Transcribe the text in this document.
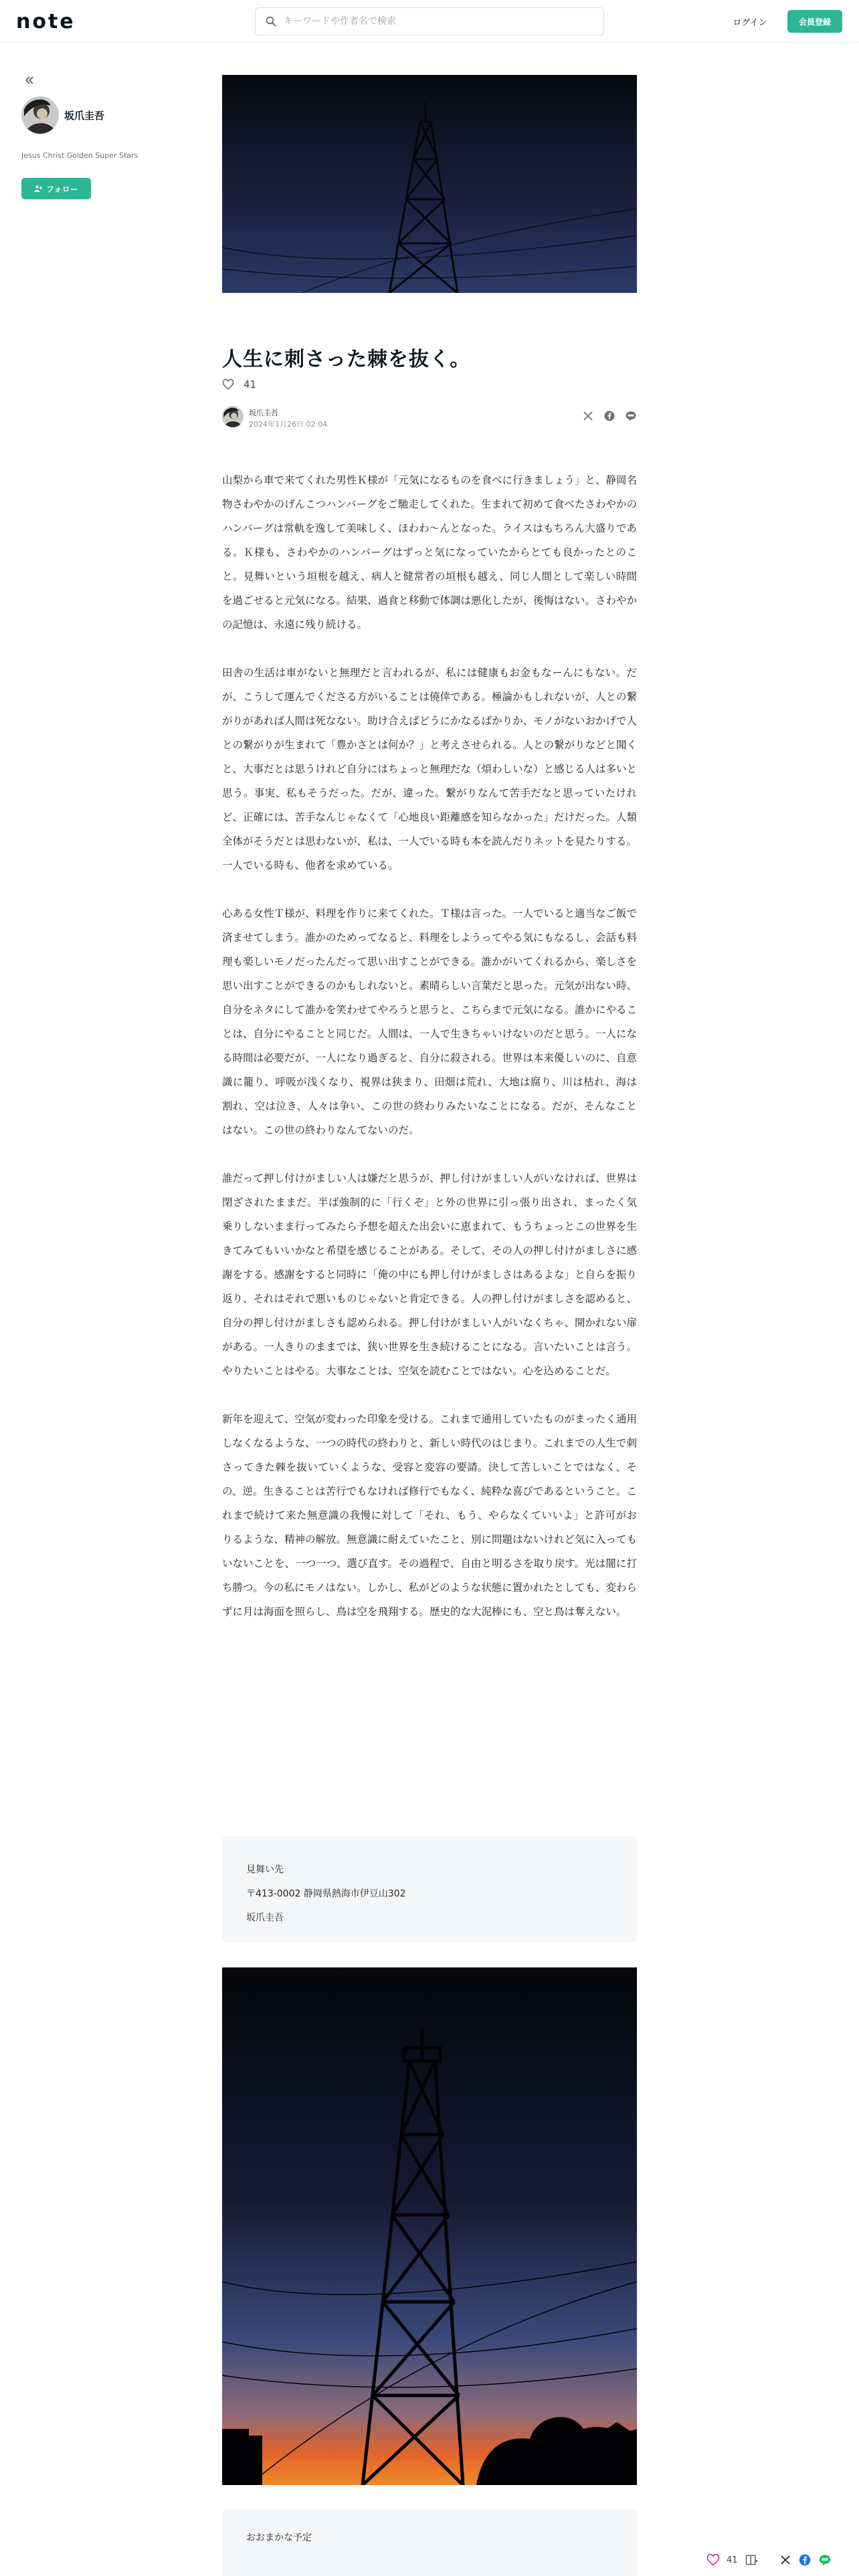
note
キーワードや作者名で検索	ログイン	会員登録
坂爪圭吾
Jesus Christ Golden Super Stars
フォロー
人生に刺さった棘を抜く。
41
坂爪圭吾
2024年1月26日 02:04

山梨から車で来てくれた男性Ｋ様が「元気になるものを食べに行きましょう」と、静岡名物さわやかのげんこつハンバーグをご馳走してくれた。生まれて初めて食べたさわやかのハンバーグは常軌を逸して美味しく、ほわわ〜んとなった。ライスはもちろん大盛りである。Ｋ様も、さわやかのハンバーグはずっと気になっていたからとても良かったとのこと。見舞いという垣根を越え、病人と健常者の垣根も越え、同じ人間として楽しい時間を過ごせると元気になる。結果、過食と移動で体調は悪化したが、後悔はない。さわやかの記憶は、永遠に残り続ける。

田舎の生活は車がないと無理だと言われるが、私には健康もお金もなーんにもない。だが、こうして運んでくださる方がいることは僥倖である。極論かもしれないが、人との繋がりがあれば人間は死なない。助け合えばどうにかなるばかりか、モノがないおかげで人との繋がりが生まれて「豊かさとは何か？」と考えさせられる。人との繋がりなどと聞くと、大事だとは思うけれど自分にはちょっと無理だな（煩わしいな）と感じる人は多いと思う。事実、私もそうだった。だが、違った。繋がりなんて苦手だなと思っていたけれど、正確には、苦手なんじゃなくて「心地良い距離感を知らなかった」だけだった。人類全体がそうだとは思わないが、私は、一人でいる時も本を読んだりネットを見たりする。一人でいる時も、他者を求めている。

心ある女性Ｔ様が、料理を作りに来てくれた。Ｔ様は言った。一人でいると適当なご飯で済ませてしまう。誰かのためってなると、料理をしようってやる気にもなるし、会話も料理も楽しいモノだったんだって思い出すことができる。誰かがいてくれるから、楽しさを思い出すことができるのかもしれないと。素晴らしい言葉だと思った。元気が出ない時、自分をネタにして誰かを笑わせてやろうと思うと、こちらまで元気になる。誰かにやることは、自分にやることと同じだ。人間は、一人で生きちゃいけないのだと思う。一人になる時間は必要だが、一人になり過ぎると、自分に殺される。世界は本来優しいのに、自意識に籠り、呼吸が浅くなり、視界は狭まり、田畑は荒れ、大地は腐り、川は枯れ、海は割れ、空は泣き、人々は争い、この世の終わりみたいなことになる。だが、そんなことはない。この世の終わりなんてないのだ。

誰だって押し付けがましい人は嫌だと思うが、押し付けがましい人がいなければ、世界は閉ざされたままだ。半ば強制的に「行くぞ」と外の世界に引っ張り出され、まったく気乗りしないまま行ってみたら予想を超えた出会いに恵まれて、もうちょっとこの世界を生きてみてもいいかなと希望を感じることがある。そして、その人の押し付けがましさに感謝をする。感謝をすると同時に「俺の中にも押し付けがましさはあるよな」と自らを振り返り、それはそれで悪いものじゃないと肯定できる。人の押し付けがましさを認めると、自分の押し付けがましさも認められる。押し付けがましい人がいなくちゃ、開かれない扉がある。一人きりのままでは、狭い世界を生き続けることになる。言いたいことは言う。やりたいことはやる。大事なことは、空気を読むことではない。心を込めることだ。

新年を迎えて、空気が変わった印象を受ける。これまで通用していたものがまったく通用しなくなるような、一つの時代の終わりと、新しい時代のはじまり。これまでの人生で刺さってきた棘を抜いていくような、受容と変容の要請。決して苦しいことではなく、その、逆。生きることは苦行でもなければ修行でもなく、純粋な喜びであるということ。これまで続けて来た無意識の我慢に対して「それ、もう、やらなくていいよ」と許可がおりるような、精神の解放。無意識に耐えていたこと、別に問題はないけれど気に入ってもいないことを、一つ一つ、選び直す。その過程で、自由と明るさを取り戻す。光は闇に打ち勝つ。今の私にモノはない。しかし、私がどのような状態に置かれたとしても、変わらずに月は海面を照らし、鳥は空を飛翔する。歴史的な大泥棒にも、空と鳥は奪えない。

見舞い先
〒413-0002 静岡県熱海市伊豆山302
坂爪圭吾
おおまかな予定
41
